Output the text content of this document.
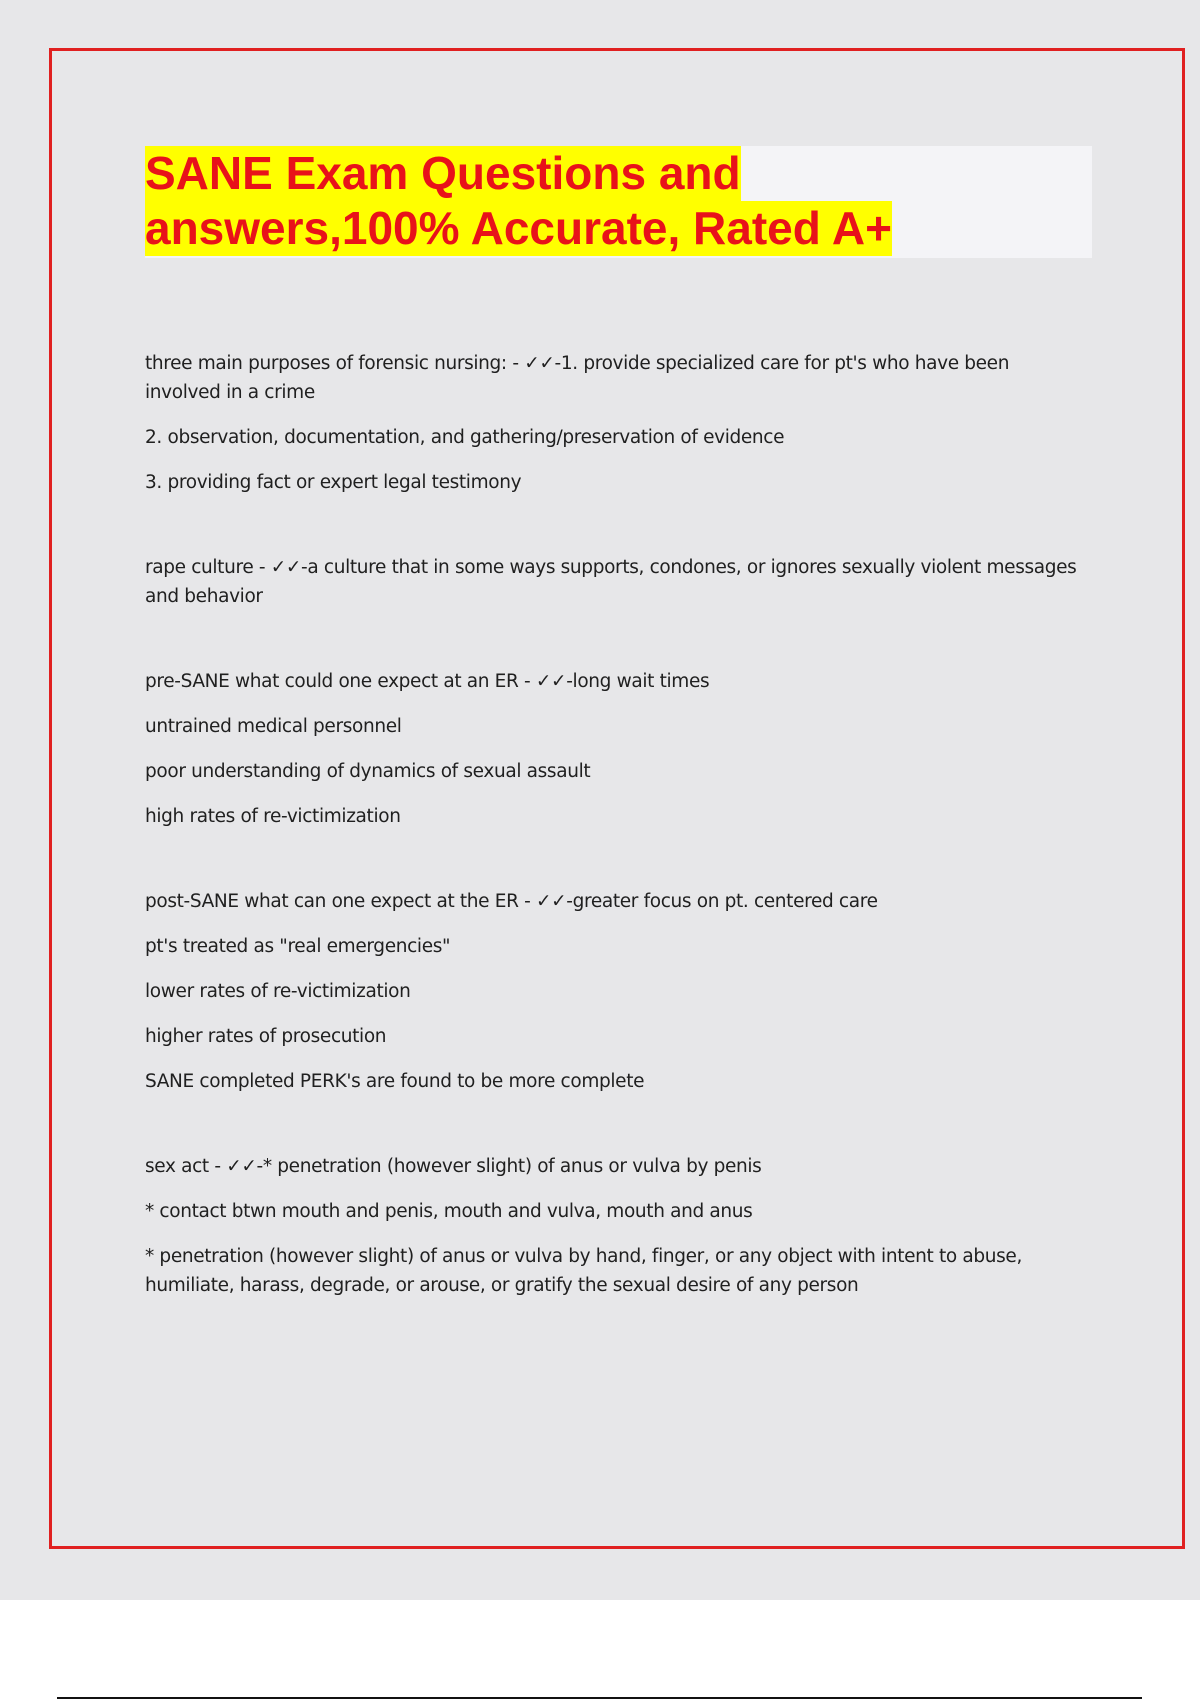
SANE Exam Questions and answers,100% Accurate, Rated A+

three main purposes of forensic nursing: - ✓✓-1. provide specialized care for pt's who have been involved in a crime

2. observation, documentation, and gathering/preservation of evidence

3. providing fact or expert legal testimony

rape culture - ✓✓-a culture that in some ways supports, condones, or ignores sexually violent messages and behavior

pre-SANE what could one expect at an ER - ✓✓-long wait times

untrained medical personnel

poor understanding of dynamics of sexual assault

high rates of re-victimization

post-SANE what can one expect at the ER - ✓✓-greater focus on pt. centered care

pt's treated as "real emergencies"

lower rates of re-victimization

higher rates of prosecution

SANE completed PERK's are found to be more complete

sex act - ✓✓-* penetration (however slight) of anus or vulva by penis

* contact btwn mouth and penis, mouth and vulva, mouth and anus

* penetration (however slight) of anus or vulva by hand, finger, or any object with intent to abuse, humiliate, harass, degrade, or arouse, or gratify the sexual desire of any person
